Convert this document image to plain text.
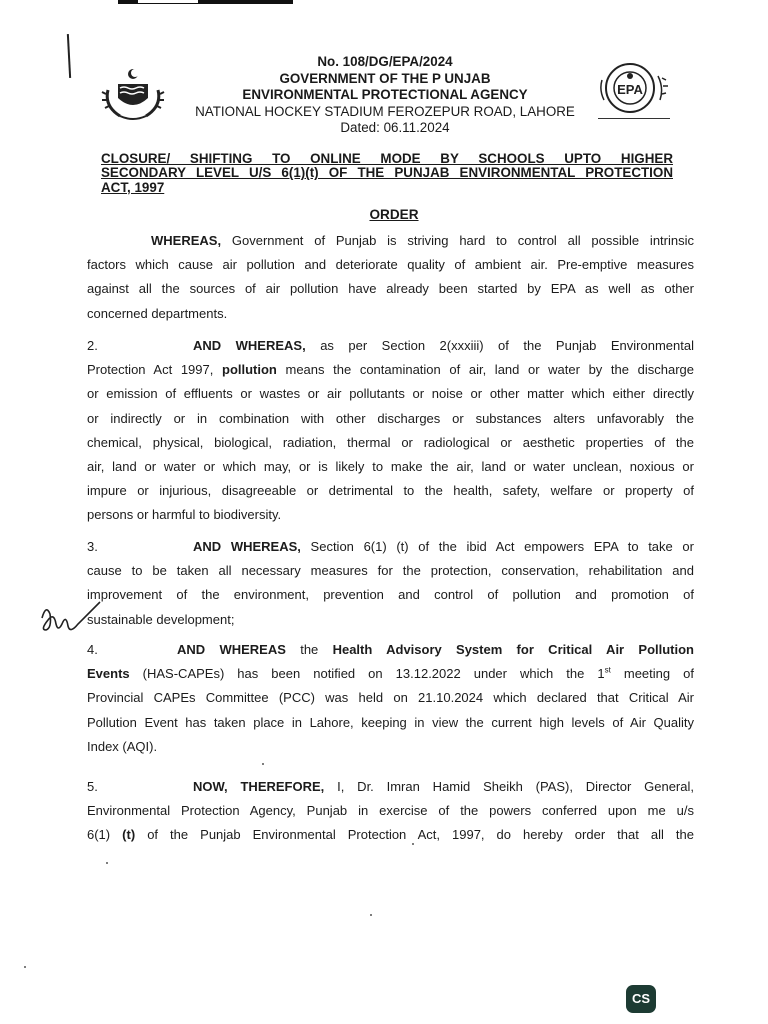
EPA
No. 108/DG/EPA/2024
GOVERNMENT OF THE P UNJAB
ENVIRONMENTAL PROTECTIONAL AGENCY
NATIONAL HOCKEY STADIUM FEROZEPUR ROAD, LAHORE
Dated: 06.11.2024
CLOSURE/ SHIFTING TO ONLINE MODE BY SCHOOLS UPTO HIGHER
SECONDARY LEVEL U/S 6(1)(t) OF THE PUNJAB ENVIRONMENTAL PROTECTION
ACT, 1997
ORDER
WHEREAS, Government of Punjab is striving hard to control all possible intrinsic
factors which cause air pollution and deteriorate quality of ambient air. Pre-emptive measures
against all the sources of air pollution have already been started by EPA as well as other
concerned departments.
2.	AND WHEREAS, as per Section 2(xxxiii) of the Punjab Environmental
Protection Act 1997, pollution means the contamination of air, land or water by the discharge
or emission of effluents or wastes or air pollutants or noise or other matter which either directly
or indirectly or in combination with other discharges or substances alters unfavorably the
chemical, physical, biological, radiation, thermal or radiological or aesthetic properties of the
air, land or water or which may, or is likely to make the air, land or water unclean, noxious or
impure or injurious, disagreeable or detrimental to the health, safety, welfare or property of
persons or harmful to biodiversity.
3.	AND WHEREAS, Section 6(1) (t) of the ibid Act empowers EPA to take or
cause to be taken all necessary measures for the protection, conservation, rehabilitation and
improvement of the environment, prevention and control of pollution and promotion of
sustainable development;
4.	AND WHEREAS the Health Advisory System for Critical Air Pollution
Events (HAS-CAPEs) has been notified on 13.12.2022 under which the 1st meeting of
Provincial CAPEs Committee (PCC) was held on 21.10.2024 which declared that Critical Air
Pollution Event has taken place in Lahore, keeping in view the current high levels of Air Quality
Index (AQI).
5.	NOW, THEREFORE, I, Dr. Imran Hamid Sheikh (PAS), Director General,
Environmental Protection Agency, Punjab in exercise of the powers conferred upon me u/s
6(1) (t) of the Punjab Environmental Protection Act, 1997, do hereby order that all the
CS
